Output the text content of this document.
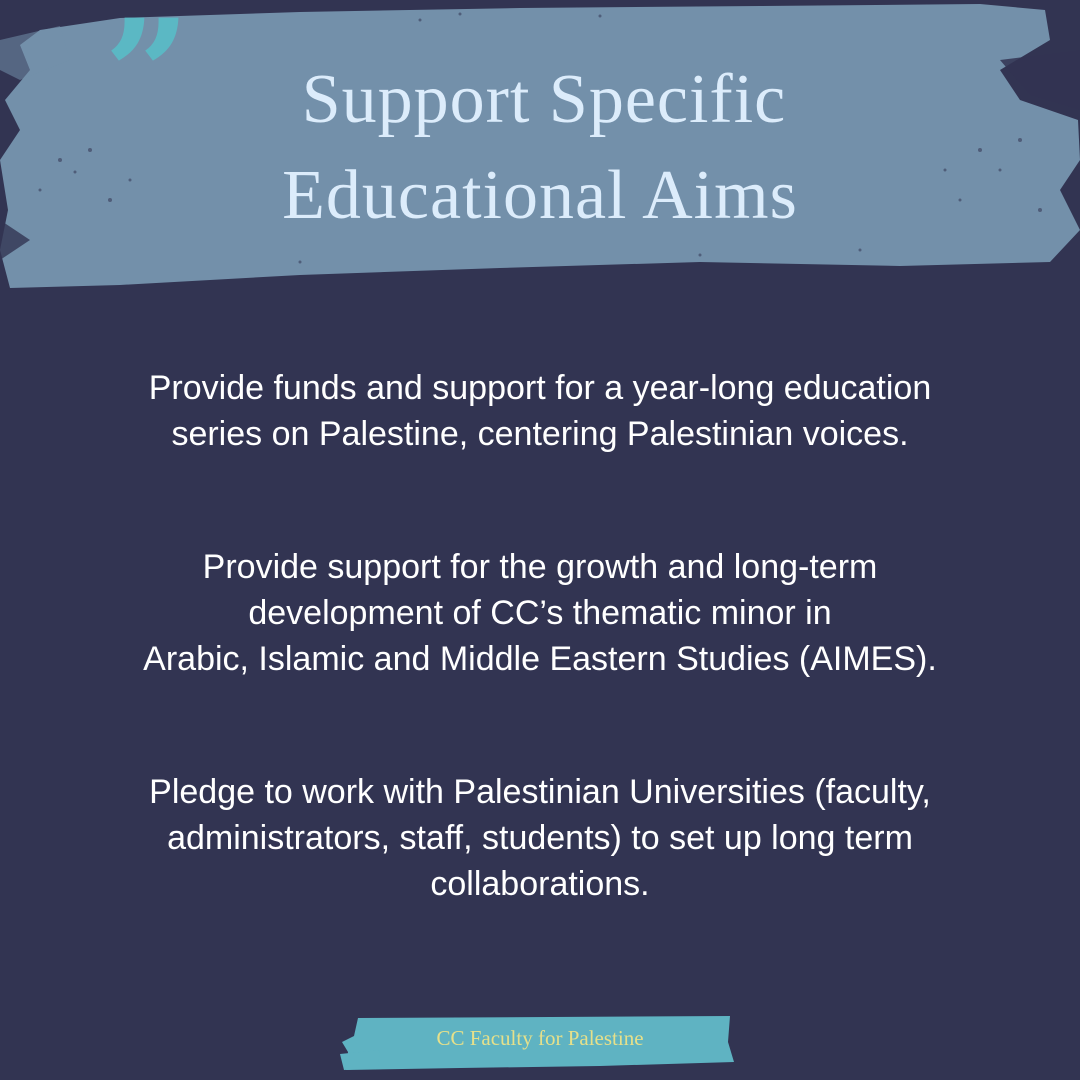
”	Support Specific
Educational Aims
Provide funds and support for a year-long education
series on Palestine, centering Palestinian voices.
Provide support for the growth and long-term
development of CC’s thematic minor in
Arabic, Islamic and Middle Eastern Studies (AIMES).
Pledge to work with Palestinian Universities (faculty,
administrators, staff, students) to set up long term
collaborations.
CC Faculty for Palestine
